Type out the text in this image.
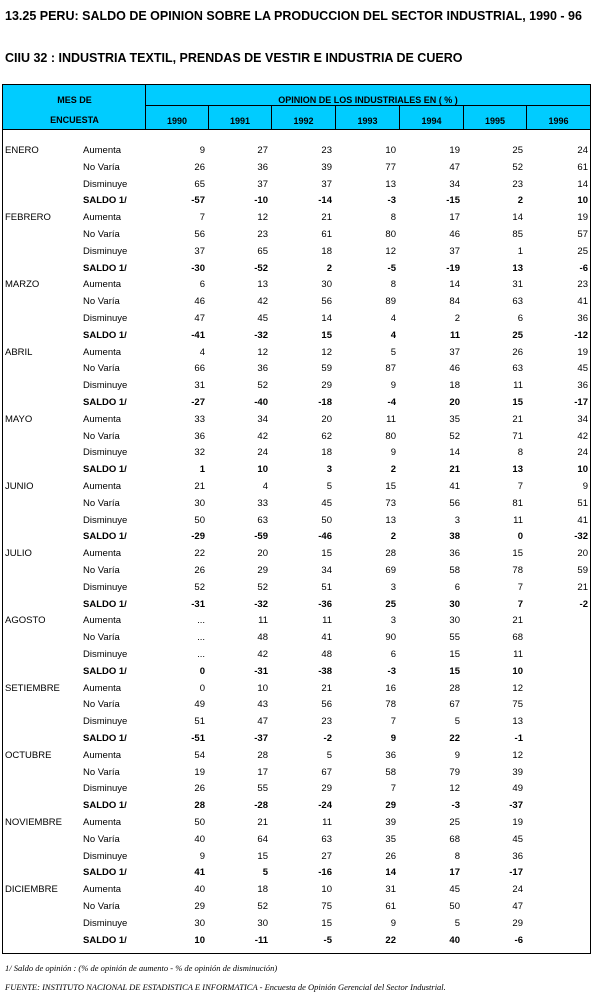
13.25 PERU: SALDO DE OPINION SOBRE LA PRODUCCION DEL SECTOR INDUSTRIAL, 1990 - 96
CIIU 32 : INDUSTRIA TEXTIL, PRENDAS DE VESTIR E INDUSTRIA DE CUERO
MES DE
ENCUESTA
OPINION DE LOS INDUSTRIALES EN ( % )
1990	1991	1992	1993	1994	1995	1996
ENERO	Aumenta	9	27	23	10	19	25	24
No Varía	26	36	39	77	47	52	61
Disminuye	65	37	37	13	34	23	14
SALDO 1/	-57	-10	-14	-3	-15	2	10
FEBRERO	Aumenta	7	12	21	8	17	14	19
No Varía	56	23	61	80	46	85	57
Disminuye	37	65	18	12	37	1	25
SALDO 1/	-30	-52	2	-5	-19	13	-6
MARZO	Aumenta	6	13	30	8	14	31	23
No Varía	46	42	56	89	84	63	41
Disminuye	47	45	14	4	2	6	36
SALDO 1/	-41	-32	15	4	11	25	-12
ABRIL	Aumenta	4	12	12	5	37	26	19
No Varía	66	36	59	87	46	63	45
Disminuye	31	52	29	9	18	11	36
SALDO 1/	-27	-40	-18	-4	20	15	-17
MAYO	Aumenta	33	34	20	11	35	21	34
No Varía	36	42	62	80	52	71	42
Disminuye	32	24	18	9	14	8	24
SALDO 1/	1	10	3	2	21	13	10
JUNIO	Aumenta	21	4	5	15	41	7	9
No Varía	30	33	45	73	56	81	51
Disminuye	50	63	50	13	3	11	41
SALDO 1/	-29	-59	-46	2	38	0	-32
JULIO	Aumenta	22	20	15	28	36	15	20
No Varía	26	29	34	69	58	78	59
Disminuye	52	52	51	3	6	7	21
SALDO 1/	-31	-32	-36	25	30	7	-2
AGOSTO	Aumenta	...	11	11	3	30	21
No Varía	...	48	41	90	55	68
Disminuye	...	42	48	6	15	11
SALDO 1/	0	-31	-38	-3	15	10
SETIEMBRE Aumenta	0	10	21	16	28	12
No Varía	49	43	56	78	67	75
Disminuye	51	47	23	7	5	13
SALDO 1/	-51	-37	-2	9	22	-1
OCTUBRE	Aumenta	54	28	5	36	9	12
No Varía	19	17	67	58	79	39
Disminuye	26	55	29	7	12	49
SALDO 1/	28	-28	-24	29	-3	-37
NOVIEMBRE Aumenta	50	21	11	39	25	19
No Varía	40	64	63	35	68	45
Disminuye	9	15	27	26	8	36
SALDO 1/	41	5	-16	14	17	-17
DICIEMBRE	Aumenta	40	18	10	31	45	24
No Varía	29	52	75	61	50	47
Disminuye	30	30	15	9	5	29
SALDO 1/	10	-11	-5	22	40	-6
1/ Saldo de opinión : (% de opinión de aumento - % de opinión de disminución)
FUENTE: INSTITUTO NACIONAL DE ESTADISTICA E INFORMATICA - Encuesta de Opinión Gerencial del Sector Industrial.
